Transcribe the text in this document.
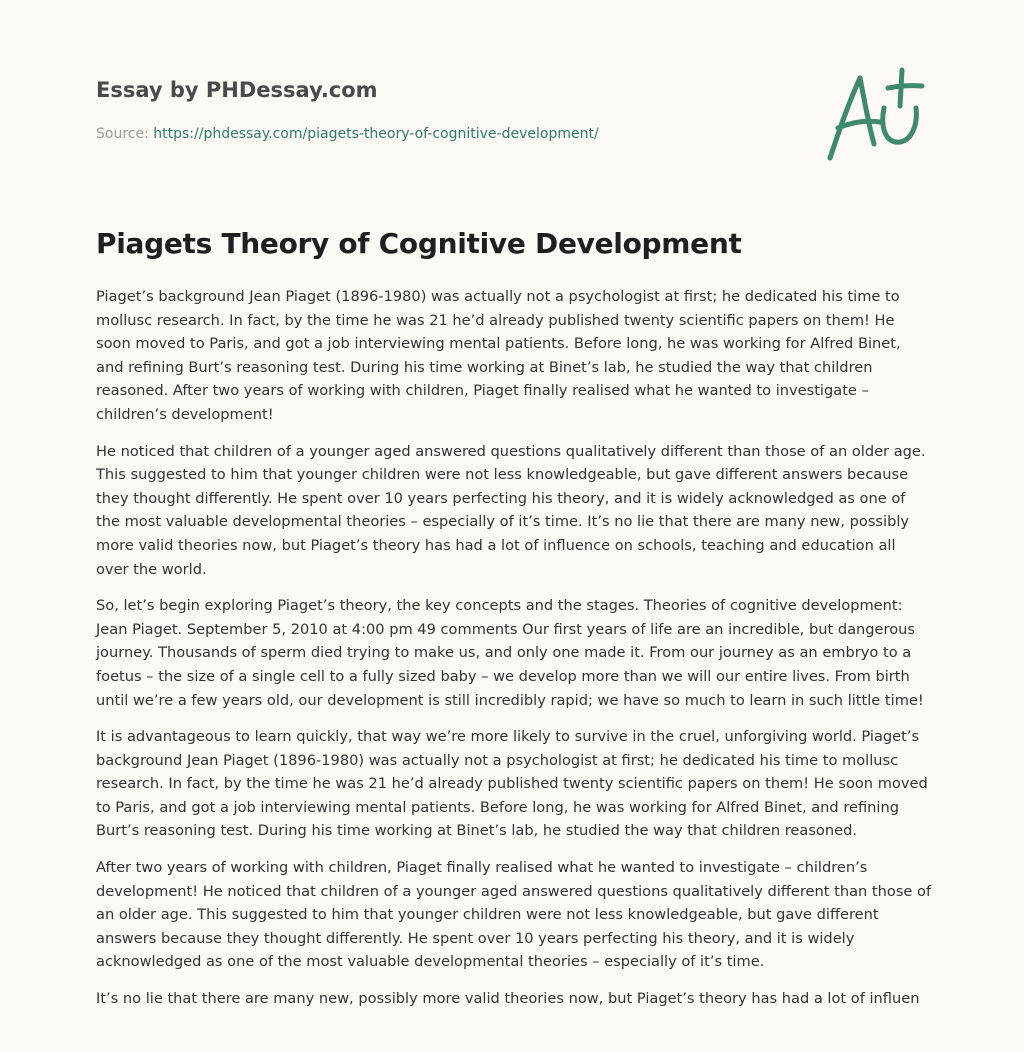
Essay by PHDessay.com
Source: https://phdessay.com/piagets-theory-of-cognitive-development/
Piagets Theory of Cognitive Development

Piaget’s background Jean Piaget (1896-1980) was actually not a psychologist at first; he dedicated his time to mollusc research. In fact, by the time he was 21 he’d already published twenty scientific papers on them! He soon moved to Paris, and got a job interviewing mental patients. Before long, he was working for Alfred Binet, and refining Burt’s reasoning test. During his time working at Binet’s lab, he studied the way that children reasoned. After two years of working with children, Piaget finally realised what he wanted to investigate – children’s development!

He noticed that children of a younger aged answered questions qualitatively different than those of an older age. This suggested to him that younger children were not less knowledgeable, but gave different answers because they thought differently. He spent over 10 years perfecting his theory, and it is widely acknowledged as one of the most valuable developmental theories – especially of it’s time. It’s no lie that there are many new, possibly more valid theories now, but Piaget’s theory has had a lot of influence on schools, teaching and education all over the world.

So, let’s begin exploring Piaget’s theory, the key concepts and the stages. Theories of cognitive development: Jean Piaget. September 5, 2010 at 4:00 pm 49 comments Our first years of life are an incredible, but dangerous journey. Thousands of sperm died trying to make us, and only one made it. From our journey as an embryo to a foetus – the size of a single cell to a fully sized baby – we develop more than we will our entire lives. From birth until we’re a few years old, our development is still incredibly rapid; we have so much to learn in such little time!

It is advantageous to learn quickly, that way we’re more likely to survive in the cruel, unforgiving world. Piaget’s background Jean Piaget (1896-1980) was actually not a psychologist at first; he dedicated his time to mollusc research. In fact, by the time he was 21 he’d already published twenty scientific papers on them! He soon moved to Paris, and got a job interviewing mental patients. Before long, he was working for Alfred Binet, and refining Burt’s reasoning test. During his time working at Binet’s lab, he studied the way that children reasoned.

After two years of working with children, Piaget finally realised what he wanted to investigate – children’s development! He noticed that children of a younger aged answered questions qualitatively different than those of an older age. This suggested to him that younger children were not less knowledgeable, but gave different answers because they thought differently. He spent over 10 years perfecting his theory, and it is widely acknowledged as one of the most valuable developmental theories – especially of it’s time.

It’s no lie that there are many new, possibly more valid theories now, but Piaget’s theory has had a lot of influen
